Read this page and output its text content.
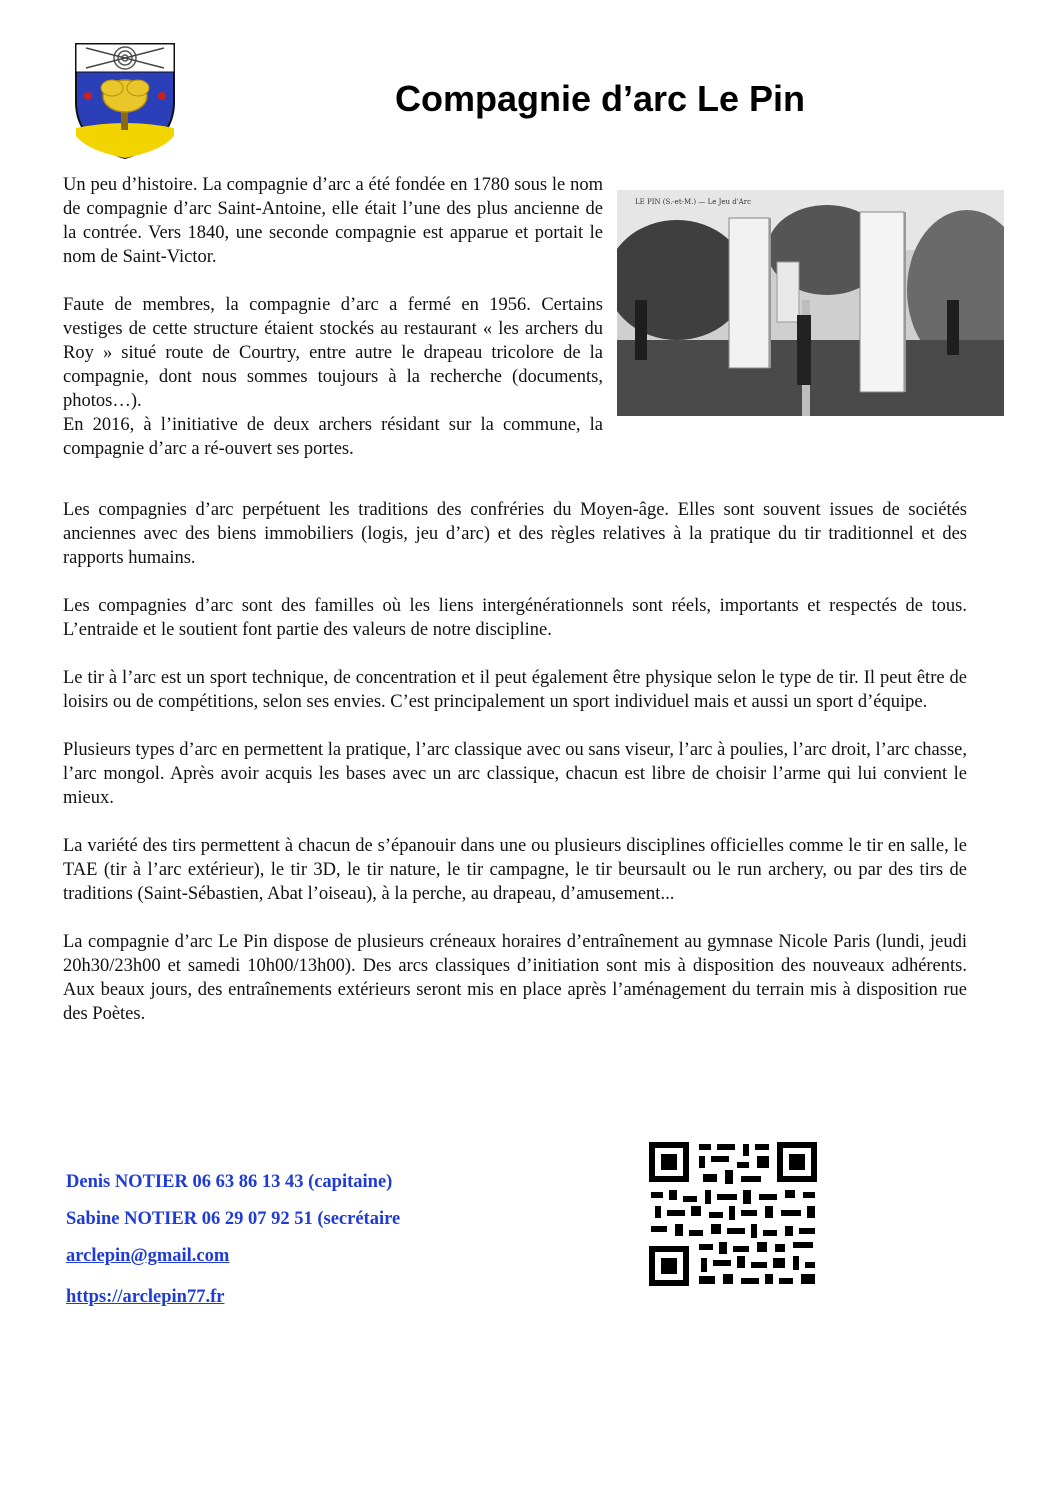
Compagnie d’arc Le Pin

Un peu d’histoire. La compagnie d’arc a été fondée en 1780 sous le nom de compagnie d’arc Saint-Antoine, elle était l’une des plus ancienne de la contrée. Vers 1840, une seconde compagnie est apparue et portait le nom de Saint-Victor.

Faute de membres, la compagnie d’arc a fermé en 1956. Certains vestiges de cette structure étaient stockés au restaurant « les archers du Roy » situé route de Courtry, entre autre le drapeau tricolore de la compagnie, dont nous sommes toujours à la recherche (documents, photos…).

En 2016, à l’initiative de deux archers résidant sur la commune, la compagnie d’arc a ré-ouvert ses portes.

LE PIN (S.-et-M.) — Le Jeu d'Arc

Les compagnies d’arc perpétuent les traditions des confréries du Moyen-âge. Elles sont souvent issues de sociétés anciennes avec des biens immobiliers (logis, jeu d’arc) et des règles relatives à la pratique du tir traditionnel et des rapports humains.

Les compagnies d’arc sont des familles où les liens intergénérationnels sont réels, importants et respectés de tous. L’entraide et le soutient font partie des valeurs de notre discipline.

Le tir à l’arc est un sport technique, de concentration et il peut également être physique selon le type de tir. Il peut être de loisirs ou de compétitions, selon ses envies. C’est principalement un sport individuel mais et aussi un sport d’équipe.

Plusieurs types d’arc en permettent la pratique, l’arc classique avec ou sans viseur, l’arc à poulies, l’arc droit, l’arc chasse, l’arc mongol. Après avoir acquis les bases avec un arc classique, chacun est libre de choisir l’arme qui lui convient le mieux.

La variété des tirs permettent à chacun de s’épanouir dans une ou plusieurs disciplines officielles comme le tir en salle, le TAE (tir à l’arc extérieur), le tir 3D, le tir nature, le tir campagne, le tir beursault ou le run archery, ou par des tirs de traditions (Saint-Sébastien, Abat l’oiseau), à la perche, au drapeau, d’amusement...

La compagnie d’arc Le Pin dispose de plusieurs créneaux horaires d’entraînement au gymnase Nicole Paris (lundi, jeudi 20h30/23h00 et samedi 10h00/13h00). Des arcs classiques d’initiation sont mis à disposition des nouveaux adhérents. Aux beaux jours, des entraînements extérieurs seront mis en place après l’aménagement du terrain mis à disposition rue des Poètes.

Denis NOTIER 06 63 86 13 43 (capitaine)
Sabine NOTIER 06 29 07 92 51 (secrétaire
arclepin@gmail.com
https://arclepin77.fr
